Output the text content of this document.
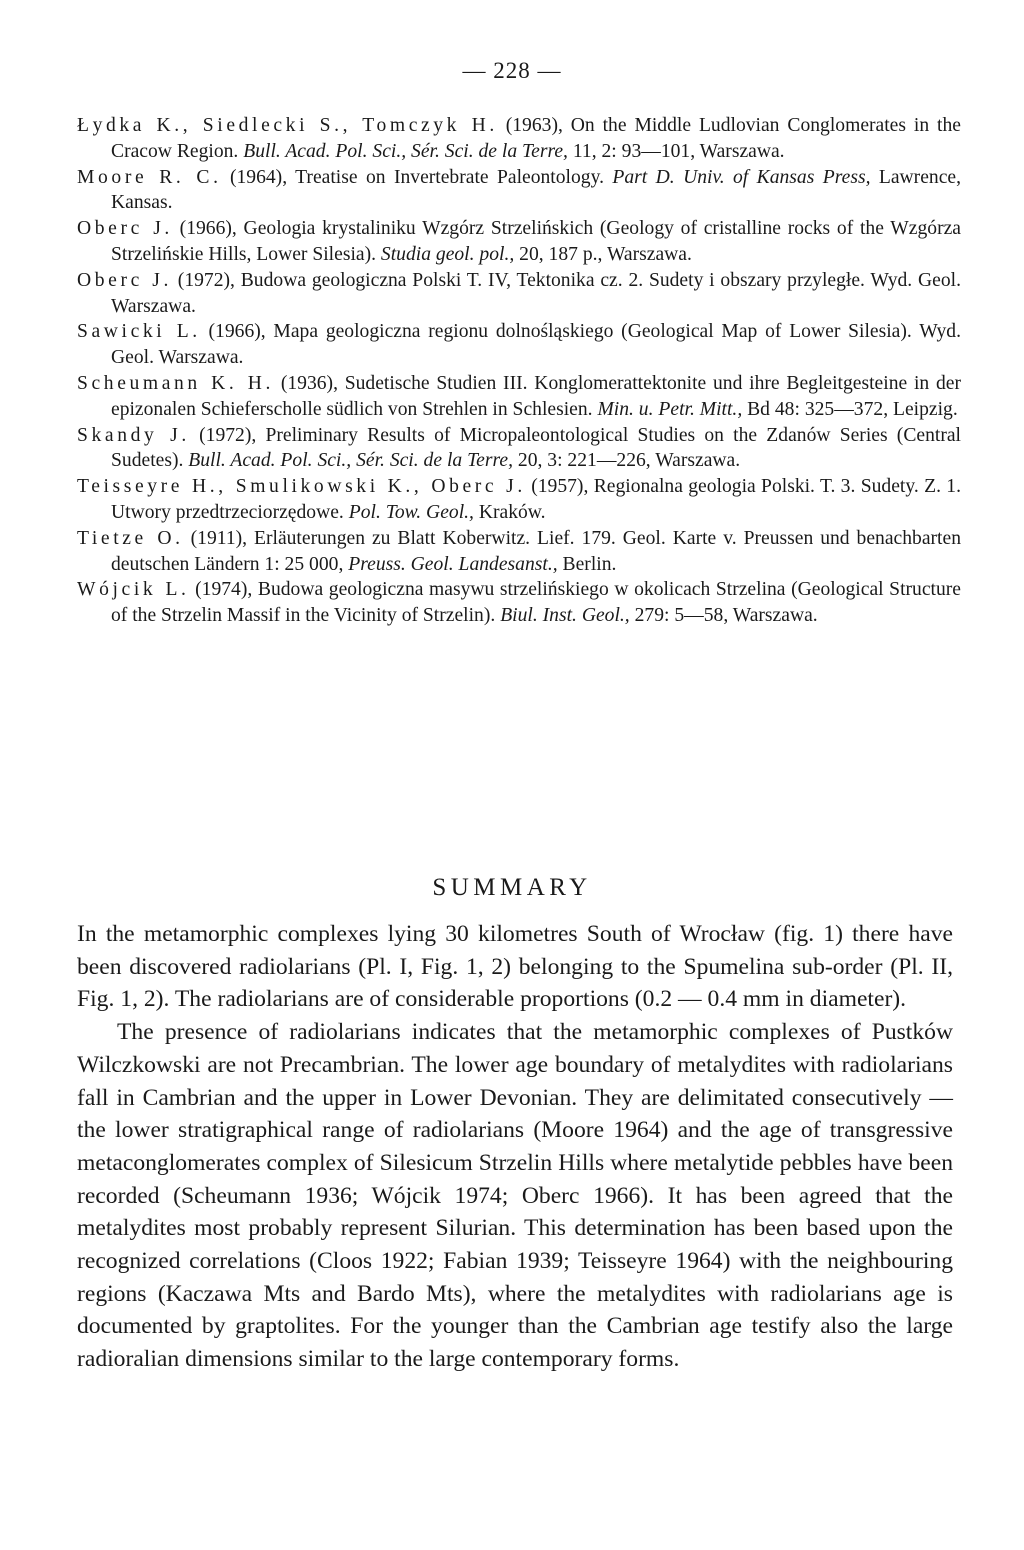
— 228 —
Łydka K., Siedlecki S., Tomczyk H. (1963), On the Middle Ludlovian Conglomerates in the Cracow Region. Bull. Acad. Pol. Sci., Sér. Sci. de la Terre, 11, 2: 93—101, Warszawa.
Moore R. C. (1964), Treatise on Invertebrate Paleontology. Part D. Univ. of Kansas Press, Lawrence, Kansas.
Oberc J. (1966), Geologia krystaliniku Wzgórz Strzelińskich (Geology of cristalline rocks of the Wzgórza Strzelińskie Hills, Lower Silesia). Studia geol. pol., 20, 187 p., Warszawa.
Oberc J. (1972), Budowa geologiczna Polski T. IV, Tektonika cz. 2. Sudety i obszary przyległe. Wyd. Geol. Warszawa.
Sawicki L. (1966), Mapa geologiczna regionu dolnośląskiego (Geological Map of Lower Silesia). Wyd. Geol. Warszawa.
Scheumann K. H. (1936), Sudetische Studien III. Konglomerattektonite und ihre Begleitgesteine in der epizonalen Schieferscholle südlich von Strehlen in Schlesien. Min. u. Petr. Mitt., Bd 48: 325—372, Leipzig.
Skandy J. (1972), Preliminary Results of Micropaleontological Studies on the Zdanów Series (Central Sudetes). Bull. Acad. Pol. Sci., Sér. Sci. de la Terre, 20, 3: 221—226, Warszawa.
Teisseyre H., Smulikowski K., Oberc J. (1957), Regionalna geologia Polski. T. 3. Sudety. Z. 1. Utwory przedtrzeciorzędowe. Pol. Tow. Geol., Kraków.
Tietze O. (1911), Erläuterungen zu Blatt Koberwitz. Lief. 179. Geol. Karte v. Preussen und benachbarten deutschen Ländern 1: 25 000, Preuss. Geol. Landesanst., Berlin.
Wójcik L. (1974), Budowa geologiczna masywu strzelińskiego w okolicach Strzelina (Geological Structure of the Strzelin Massif in the Vicinity of Strzelin). Biul. Inst. Geol., 279: 5—58, Warszawa.
SUMMARY

In the metamorphic complexes lying 30 kilometres South of Wrocław (fig. 1) there have been discovered radiolarians (Pl. I, Fig. 1, 2) belonging to the Spumelina sub-order (Pl. II, Fig. 1, 2). The radiolarians are of considerable proportions (0.2 — 0.4 mm in diameter).

The presence of radiolarians indicates that the metamorphic complexes of Pustków Wilczkowski are not Precambrian. The lower age boundary of metalydites with radiolarians fall in Cambrian and the upper in Lower Devonian. They are delimitated consecutively — the lower stratigraphical range of radiolarians (Moore 1964) and the age of transgressive metaconglomerates complex of Silesicum Strzelin Hills where metalytide pebbles have been recorded (Scheumann 1936; Wójcik 1974; Oberc 1966). It has been agreed that the metalydites most probably represent Silurian. This determination has been based upon the recognized correlations (Cloos 1922; Fabian 1939; Teisseyre 1964) with the neighbouring regions (Kaczawa Mts and Bardo Mts), where the metalydites with radiolarians age is documented by graptolites. For the younger than the Cambrian age testify also the large radioralian dimensions similar to the large contemporary forms.
